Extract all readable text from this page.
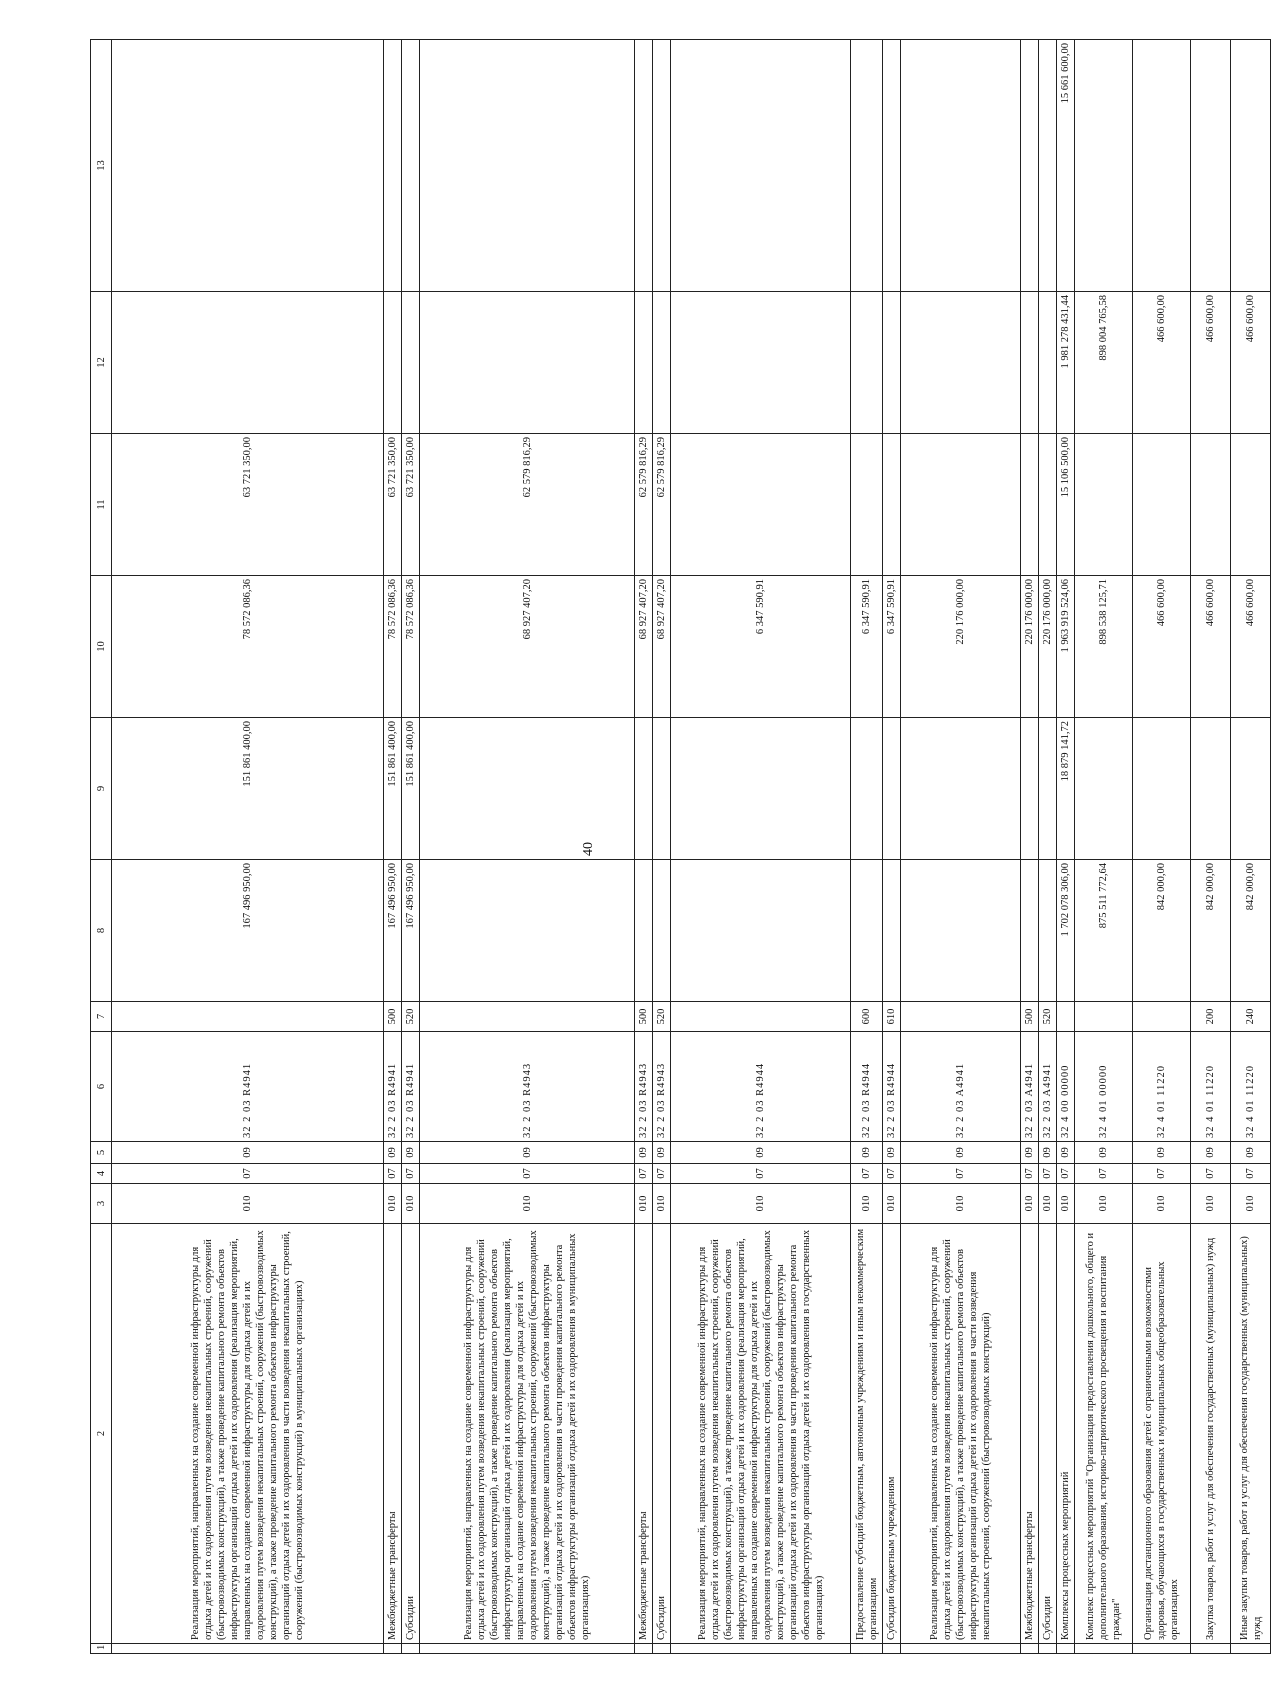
40
1	2	3	4	5	6	7	8	9	10	11	12	13
	Реализация мероприятий, направленных на создание современной инфраструктуры для отдыха детей и их оздоровления путем возведения некапитальных строений, сооружений (быстровозводимых конструкций), а также проведение капитального ремонта объектов инфраструктуры организаций отдыха детей и их оздоровления (реализация мероприятий, направленных на создание современной инфраструктуры для отдыха детей и их оздоровления путем возведения некапитальных строений, сооружений (быстровозводимых конструкций), а также проведение капитального ремонта объектов инфраструктуры организаций отдыха детей и их оздоровления в части возведения некапитальных строений, сооружений (быстровозводимых конструкций) в муниципальных организациях)	010	07	09	32 2 03 R4941		167 496 950,00	151 861 400,00	78 572 086,36	63 721 350,00		
	Межбюджетные трансферты	010	07	09	32 2 03 R4941	500	167 496 950,00	151 861 400,00	78 572 086,36	63 721 350,00		
	Субсидии	010	07	09	32 2 03 R4941	520	167 496 950,00	151 861 400,00	78 572 086,36	63 721 350,00		
	Реализация мероприятий, направленных на создание современной инфраструктуры для отдыха детей и их оздоровления путем возведения некапитальных строений, сооружений (быстровозводимых конструкций), а также проведение капитального ремонта объектов инфраструктуры организаций отдыха детей и их оздоровления (реализация мероприятий, направленных на создание современной инфраструктуры для отдыха детей и их оздоровления путем возведения некапитальных строений, сооружений (быстровозводимых конструкций), а также проведение капитального ремонта объектов инфраструктуры организаций отдыха детей и их оздоровления в части проведения капитального ремонта объектов инфраструктуры организаций отдыха детей и их оздоровления в муниципальных организациях)	010	07	09	32 2 03 R4943				68 927 407,20	62 579 816,29		
	Межбюджетные трансферты	010	07	09	32 2 03 R4943	500			68 927 407,20	62 579 816,29		
	Субсидии	010	07	09	32 2 03 R4943	520			68 927 407,20	62 579 816,29		
	Реализация мероприятий, направленных на создание современной инфраструктуры для отдыха детей и их оздоровления путем возведения некапитальных строений, сооружений (быстровозводимых конструкций), а также проведение капитального ремонта объектов инфраструктуры организаций отдыха детей и их оздоровления (реализация мероприятий, направленных на создание современной инфраструктуры для отдыха детей и их оздоровления путем возведения некапитальных строений, сооружений (быстровозводимых конструкций), а также проведение капитального ремонта объектов инфраструктуры организаций отдыха детей и их оздоровления в части проведения капитального ремонта объектов инфраструктуры организаций отдыха детей и их оздоровления в государственных организациях)	010	07	09	32 2 03 R4944				6 347 590,91			
	Предоставление субсидий бюджетным, автономным учреждениям и иным некоммерческим организациям	010	07	09	32 2 03 R4944	600			6 347 590,91			
	Субсидии бюджетным учреждениям	010	07	09	32 2 03 R4944	610			6 347 590,91			
	Реализация мероприятий, направленных на создание современной инфраструктуры для отдыха детей и их оздоровления путем возведения некапитальных строений, сооружений (быстровозводимых конструкций), а также проведение капитального ремонта объектов инфраструктуры организаций отдыха детей и их оздоровления в части возведения некапитальных строений, сооружений (быстровозводимых конструкций)	010	07	09	32 2 03 A4941				220 176 000,00			
	Межбюджетные трансферты	010	07	09	32 2 03 A4941	500			220 176 000,00			
	Субсидии	010	07	09	32 2 03 A4941	520			220 176 000,00			
	Комплексы процессных мероприятий	010	07	09	32 4 00 00000		1 702 078 306,00	18 879 141,72	1 963 919 524,06	15 106 500,00	1 981 278 431,44	15 661 600,00
	Комплекс процессных мероприятий "Организация предоставления дошкольного, общего и дополнительного образования, историко-патриотического просвещения и воспитания граждан"	010	07	09	32 4 01 00000		875 511 772,64		898 538 125,71		898 004 765,58	
	Организация дистанционного образования детей с ограниченными возможностями здоровья, обучающихся в государственных и муниципальных общеобразовательных организациях	010	07	09	32 4 01 11220		842 000,00		466 600,00		466 600,00	
	Закупка товаров, работ и услуг для обеспечения государственных (муниципальных) нужд	010	07	09	32 4 01 11220	200	842 000,00		466 600,00		466 600,00	
	Иные закупки товаров, работ и услуг для обеспечения государственных (муниципальных) нужд	010	07	09	32 4 01 11220	240	842 000,00		466 600,00		466 600,00	
